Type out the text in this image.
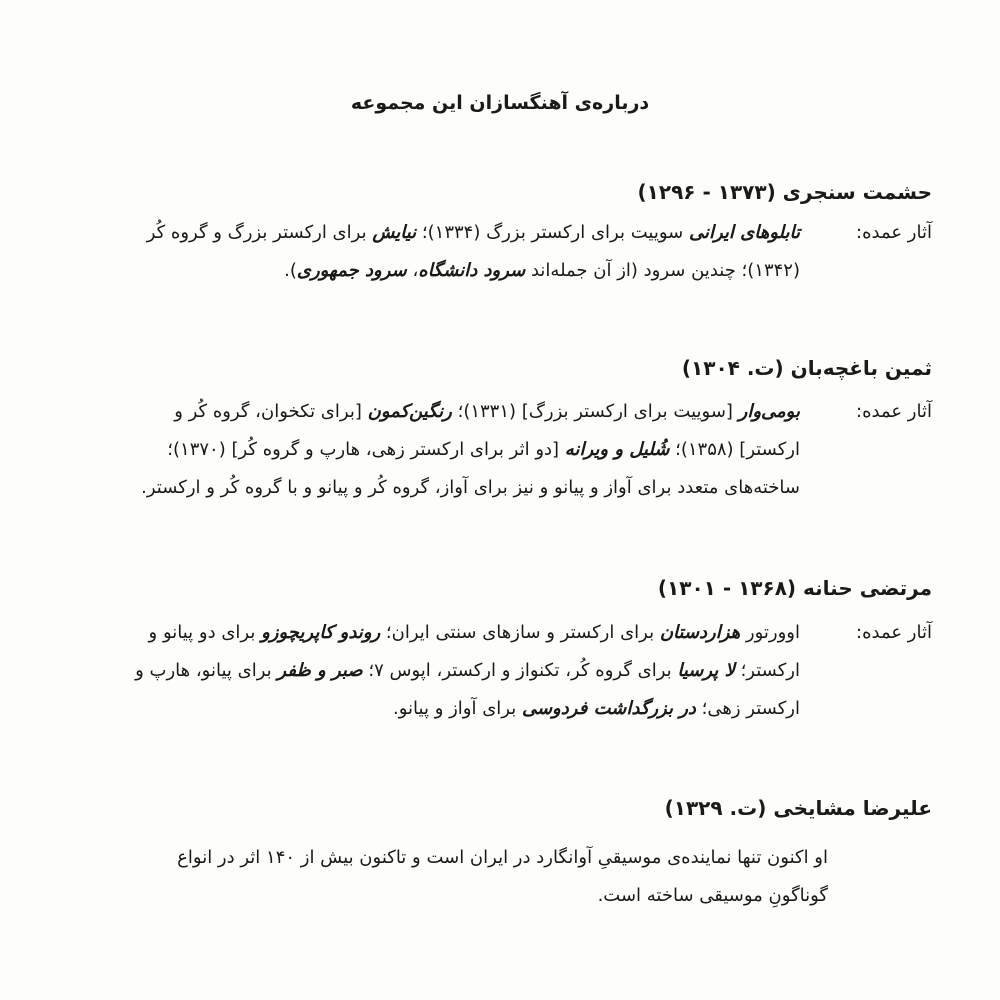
درباره‌ی آهنگسازان این مجموعه
حشمت سنجری (۱۳۷۳ - ۱۲۹۶)
آثار عمده:
تابلوهای ایرانی سوییت برای ارکستر بزرگ (۱۳۳۴)؛ نیایش برای ارکستر بزرگ و گروه کُر
(۱۳۴۲)؛ چندین سرود (از آن جمله‌اند سرود دانشگاه، سرود جمهوری).
ثمین باغچه‌بان (ت. ۱۳۰۴)
آثار عمده:
بومی‌وار [سوییت برای ارکستر بزرگ] (۱۳۳۱)؛ رنگین‌کمون [برای تکخوان، گروه کُر و
ارکستر] (۱۳۵۸)؛ شُلیل و ویرانه [دو اثر برای ارکستر زهی، هارپ و گروه کُر] (۱۳۷۰)؛
ساخته‌های متعدد برای آواز و پیانو و نیز برای آواز، گروه کُر و پیانو و با گروه کُر و ارکستر.
مرتضی حنانه (۱۳۶۸ - ۱۳۰۱)
آثار عمده:
اوورتور هزاردستان برای ارکستر و سازهای سنتی ایران؛ روندو کاپریچوزو برای دو پیانو و
ارکستر؛ لا پرسیا برای گروه کُر، تکنواز و ارکستر، اپوس ۷؛ صبر و ظفر برای پیانو، هارپ و
ارکستر زهی؛ در بزرگداشت فردوسی برای آواز و پیانو.
علیرضا مشایخی (ت. ۱۳۲۹)
او اکنون تنها نماینده‌ی موسیقیِ آوانگارد در ایران است و تاکنون بیش از ۱۴۰ اثر در انواع
گوناگونِ موسیقی ساخته است.
